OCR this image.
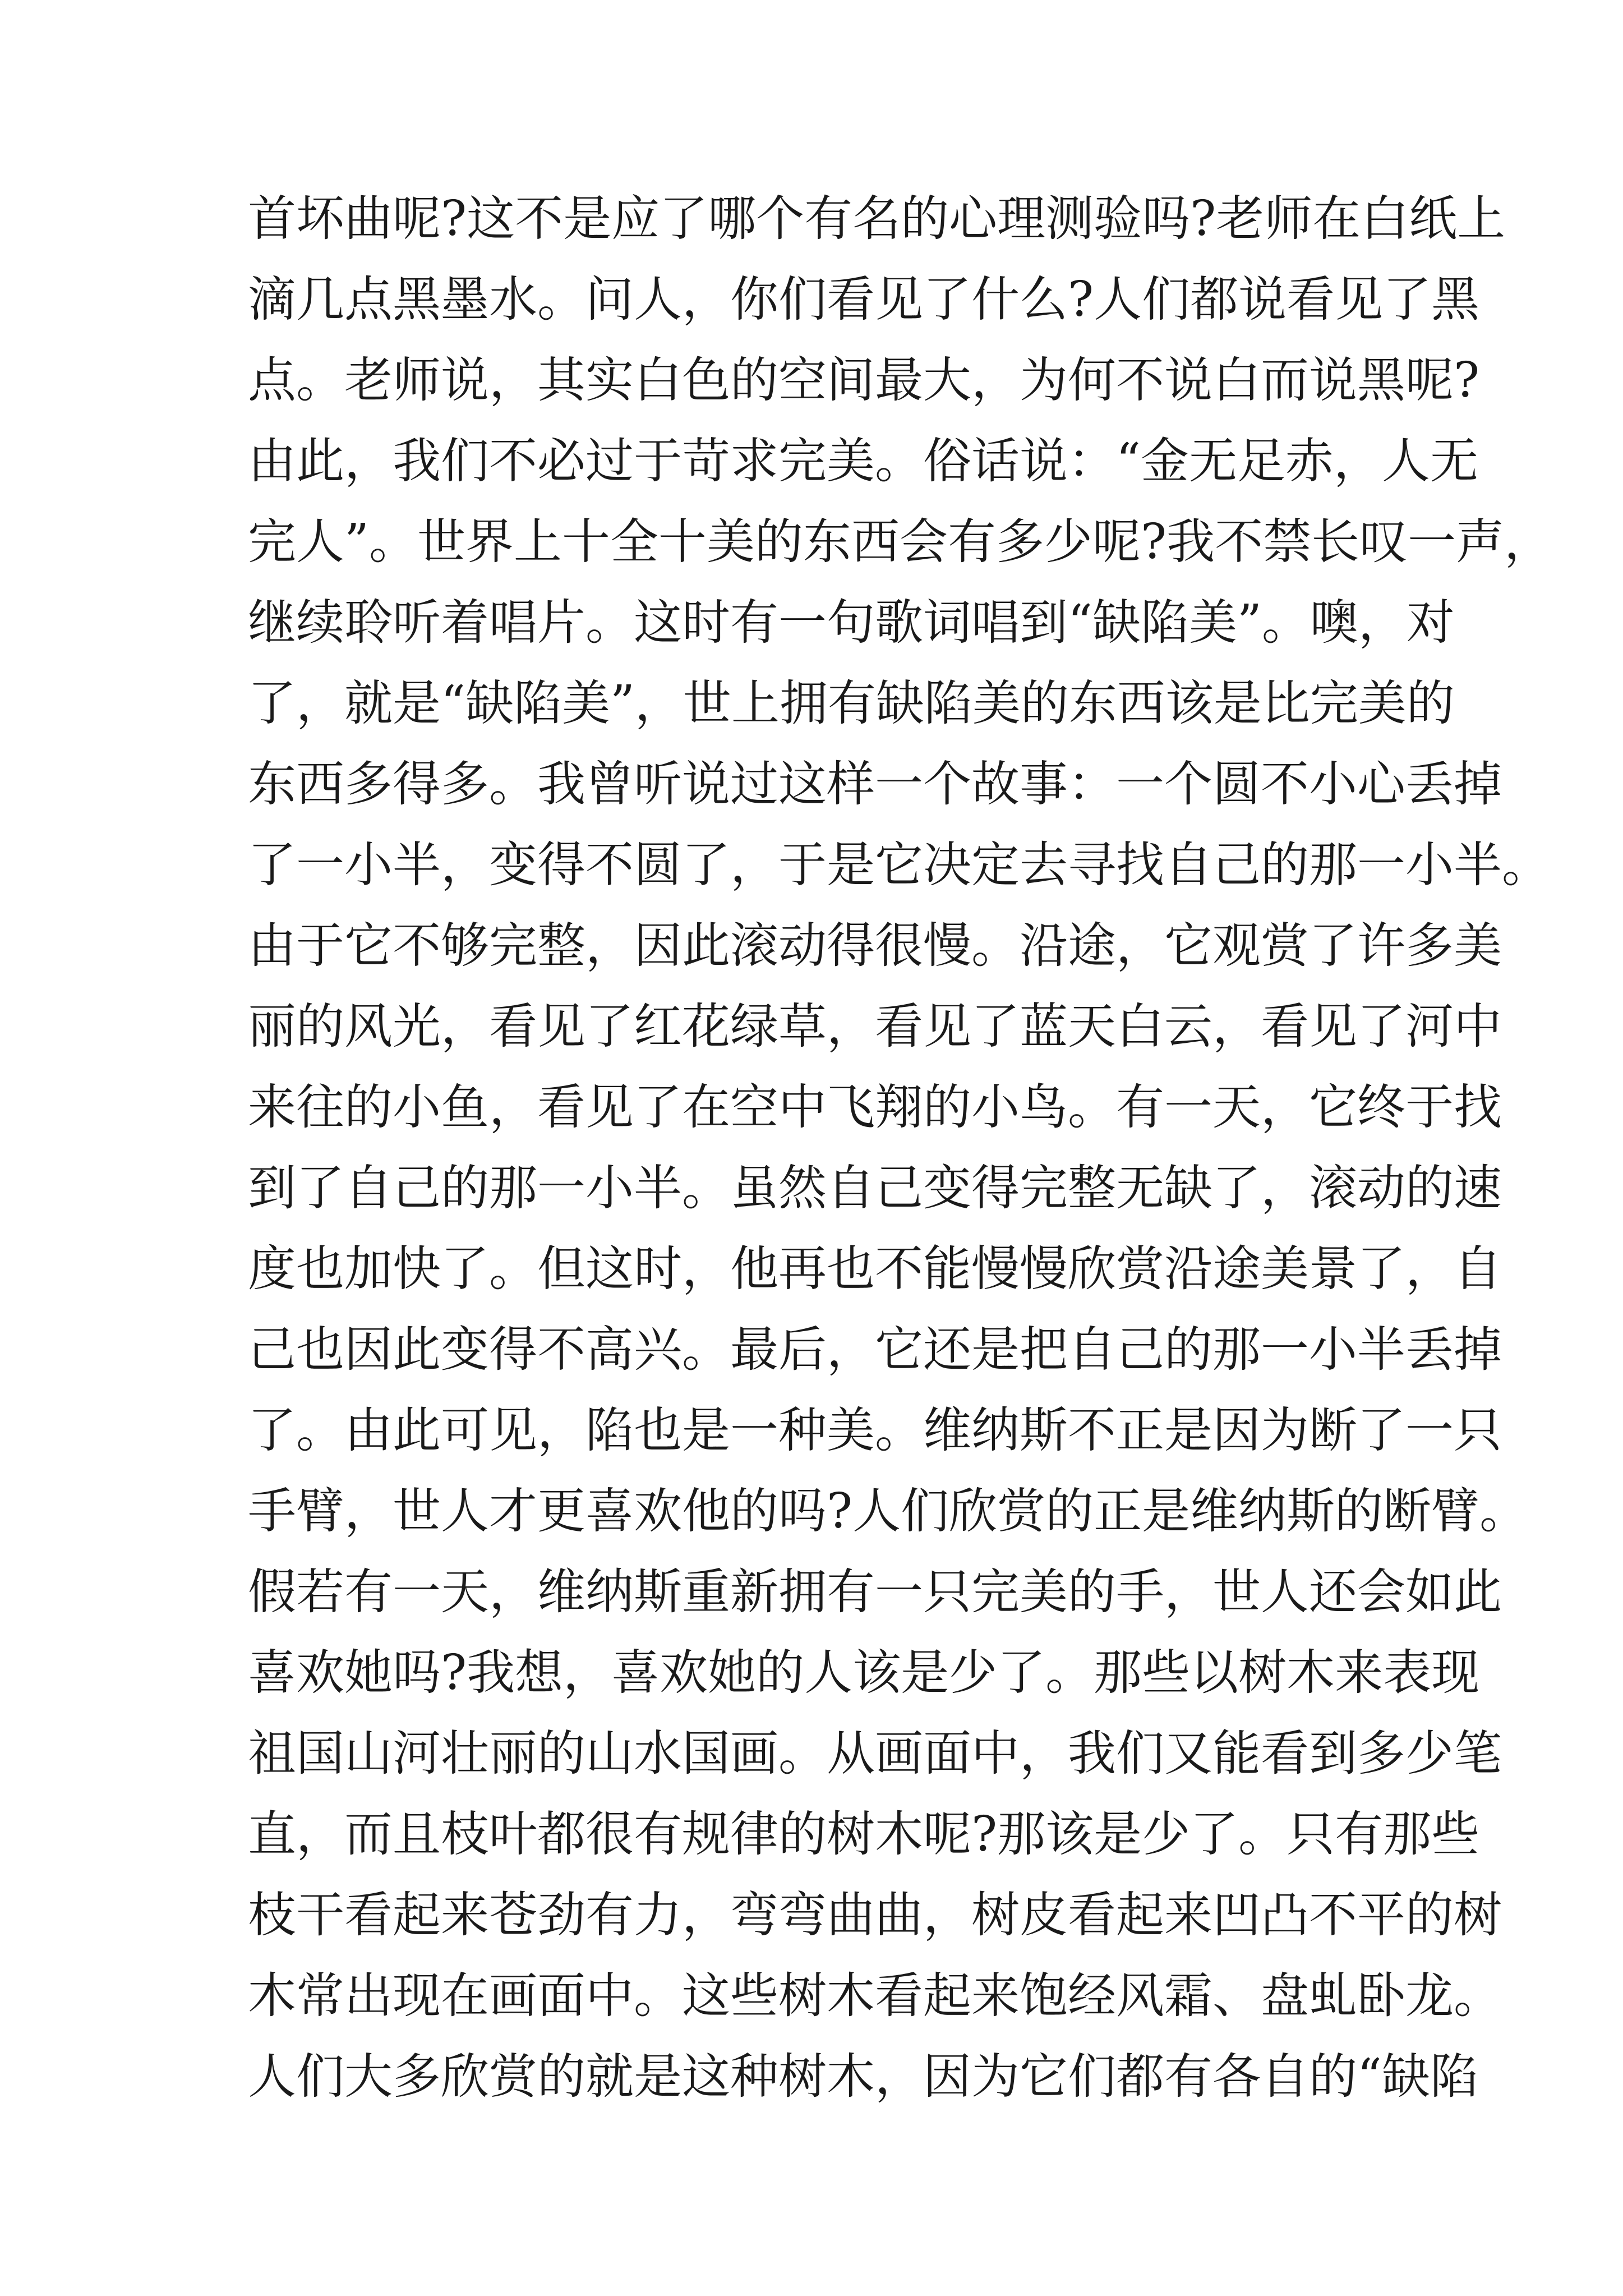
首坏曲呢?这不是应了哪个有名的心理测验吗?老师在白纸上
滴几点黑墨水。问人，你们看见了什么?人们都说看见了黑
点。老师说，其实白色的空间最大，为何不说白而说黑呢?
由此，我们不必过于苛求完美。俗话说：“金无足赤，人无
完人”。世界上十全十美的东西会有多少呢?我不禁长叹一声，
继续聆听着唱片。这时有一句歌词唱到“缺陷美”。噢，对
了，就是“缺陷美”，世上拥有缺陷美的东西该是比完美的
东西多得多。我曾听说过这样一个故事：一个圆不小心丢掉
了一小半，变得不圆了，于是它决定去寻找自己的那一小半。
由于它不够完整，因此滚动得很慢。沿途，它观赏了许多美
丽的风光，看见了红花绿草，看见了蓝天白云，看见了河中
来往的小鱼，看见了在空中飞翔的小鸟。有一天，它终于找
到了自己的那一小半。虽然自己变得完整无缺了，滚动的速
度也加快了。但这时，他再也不能慢慢欣赏沿途美景了，自
己也因此变得不高兴。最后，它还是把自己的那一小半丢掉
了。由此可见，陷也是一种美。维纳斯不正是因为断了一只
手臂，世人才更喜欢他的吗?人们欣赏的正是维纳斯的断臂。
假若有一天，维纳斯重新拥有一只完美的手，世人还会如此
喜欢她吗?我想，喜欢她的人该是少了。那些以树木来表现
祖国山河壮丽的山水国画。从画面中，我们又能看到多少笔
直，而且枝叶都很有规律的树木呢?那该是少了。只有那些
枝干看起来苍劲有力，弯弯曲曲，树皮看起来凹凸不平的树
木常出现在画面中。这些树木看起来饱经风霜、盘虬卧龙。
人们大多欣赏的就是这种树木，因为它们都有各自的“缺陷
